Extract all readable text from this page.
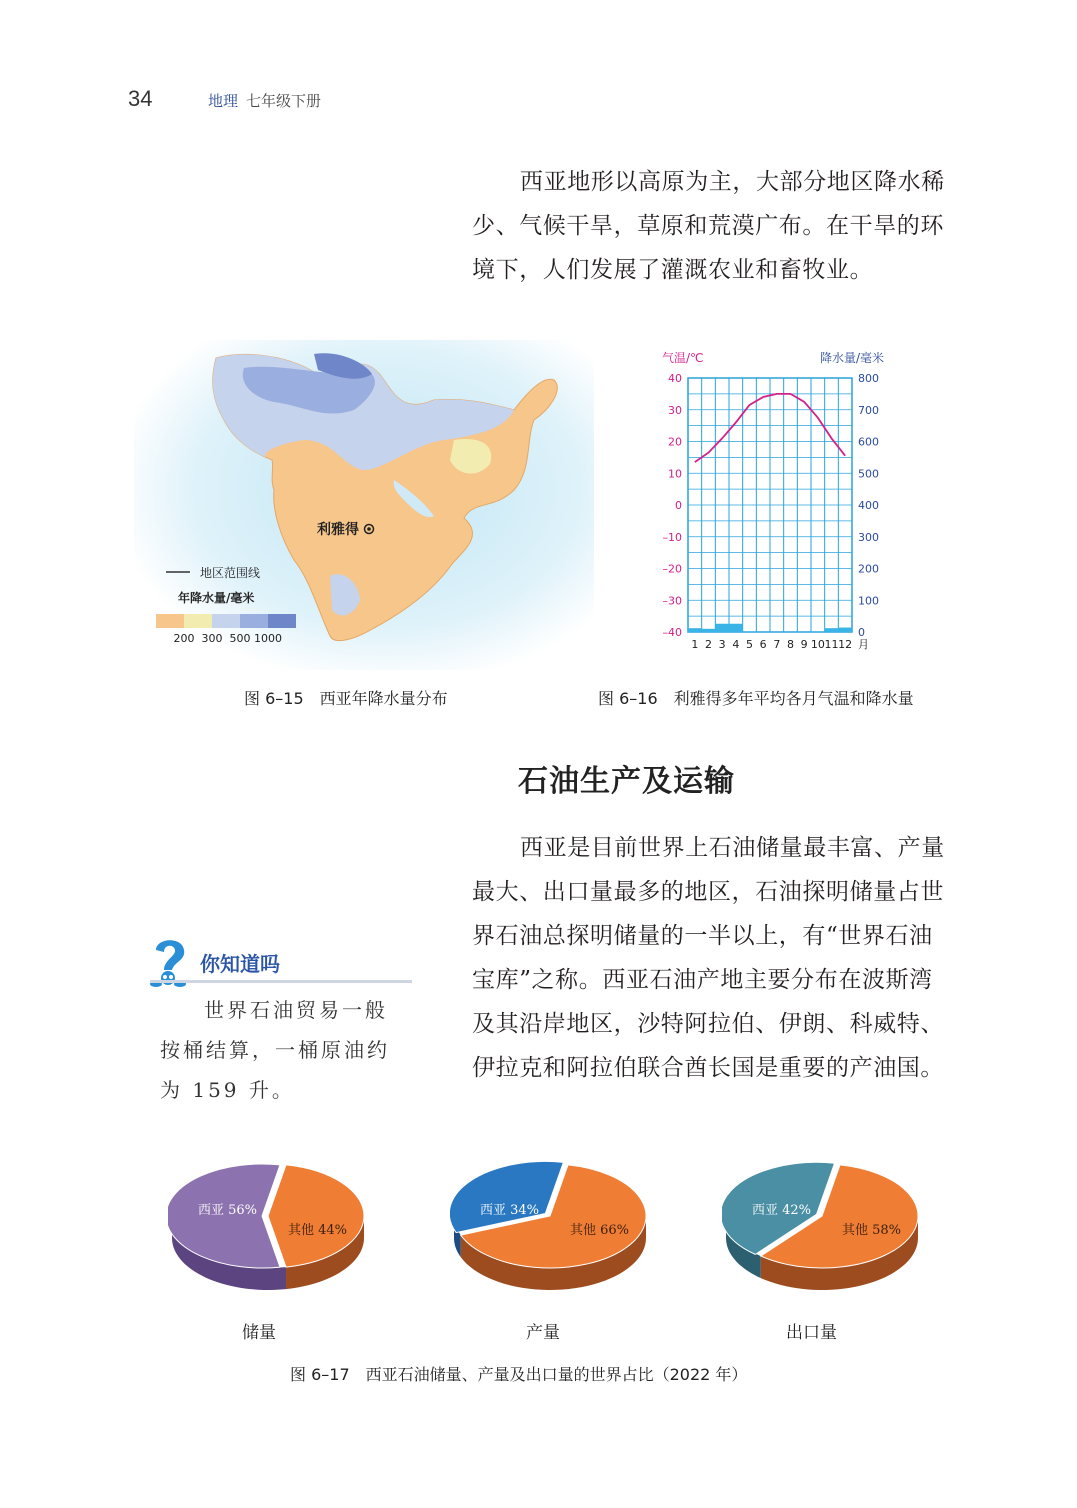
34	地理 七年级下册

西亚地形以高原为主，大部分地区降水稀少、气候干旱，草原和荒漠广布。在干旱的环境下，人们发展了灌溉农业和畜牧业。

利雅得
地区范围线
年降水量/毫米
200 300 500 1000
图 6–15　西亚年降水量分布
气温/℃	降水量/毫米
40
30
20
10
0
–10
–20
–30
–40
800
700
600
500
400
300
200
100
0
1 2 3 4 5 6 7 8 9 10 11 12 月
图 6–16　利雅得多年平均各月气温和降水量
石油生产及运输

西亚是目前世界上石油储量最丰富、产量最大、出口量最多的地区，石油探明储量占世界石油总探明储量的一半以上，有“世界石油宝库”之称。西亚石油产地主要分布在波斯湾及其沿岸地区，沙特阿拉伯、伊朗、科威特、伊拉克和阿拉伯联合酋长国是重要的产油国。

你知道吗

世界石油贸易一般按桶结算，一桶原油约为 159 升。

西亚 56%
其他 44%
西亚 34%
其他 66%
西亚 42%
其他 58%
储量	产量	出口量
图 6–17　西亚石油储量、产量及出口量的世界占比（2022 年）
